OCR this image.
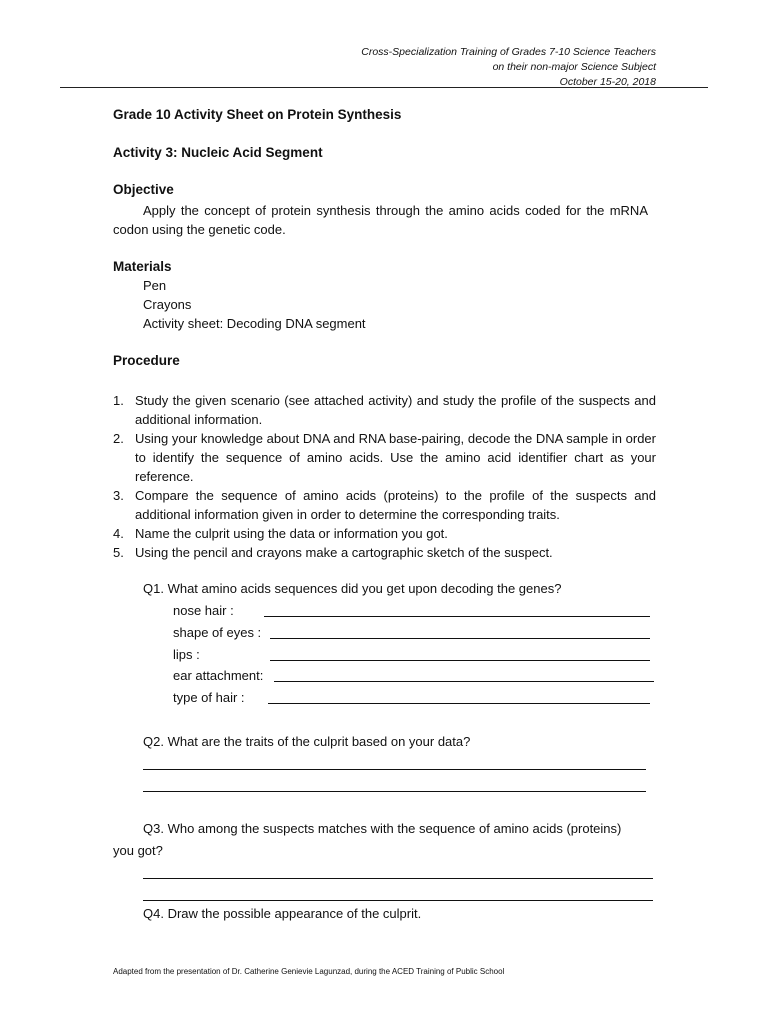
Cross-Specialization Training of Grades 7-10 Science Teachers
on their non-major Science Subject
October 15-20, 2018
Grade 10 Activity Sheet on Protein Synthesis
Activity 3: Nucleic Acid Segment
Objective
Apply the concept of protein synthesis through the amino acids coded for the mRNA codon using the genetic code.
Materials
Pen
Crayons
Activity sheet: Decoding DNA segment
Procedure
1. Study the given scenario (see attached activity) and study the profile of the suspects and additional information.
2. Using your knowledge about DNA and RNA base-pairing, decode the DNA sample in order to identify the sequence of amino acids. Use the amino acid identifier chart as your reference.
3. Compare the sequence of amino acids (proteins) to the profile of the suspects and additional information given in order to determine the corresponding traits.
4. Name the culprit using the data or information you got.
5. Using the pencil and crayons make a cartographic sketch of the suspect.
Q1. What amino acids sequences did you get upon decoding the genes?
nose hair :
shape of eyes :
lips :
ear attachment:
type of hair :
Q2. What are the traits of the culprit based on your data?
Q3. Who among the suspects matches with the sequence of amino acids (proteins)
you got?
Q4. Draw the possible appearance of the culprit.
Adapted from the presentation of Dr. Catherine Genievie Lagunzad, during the ACED Training of Public School
